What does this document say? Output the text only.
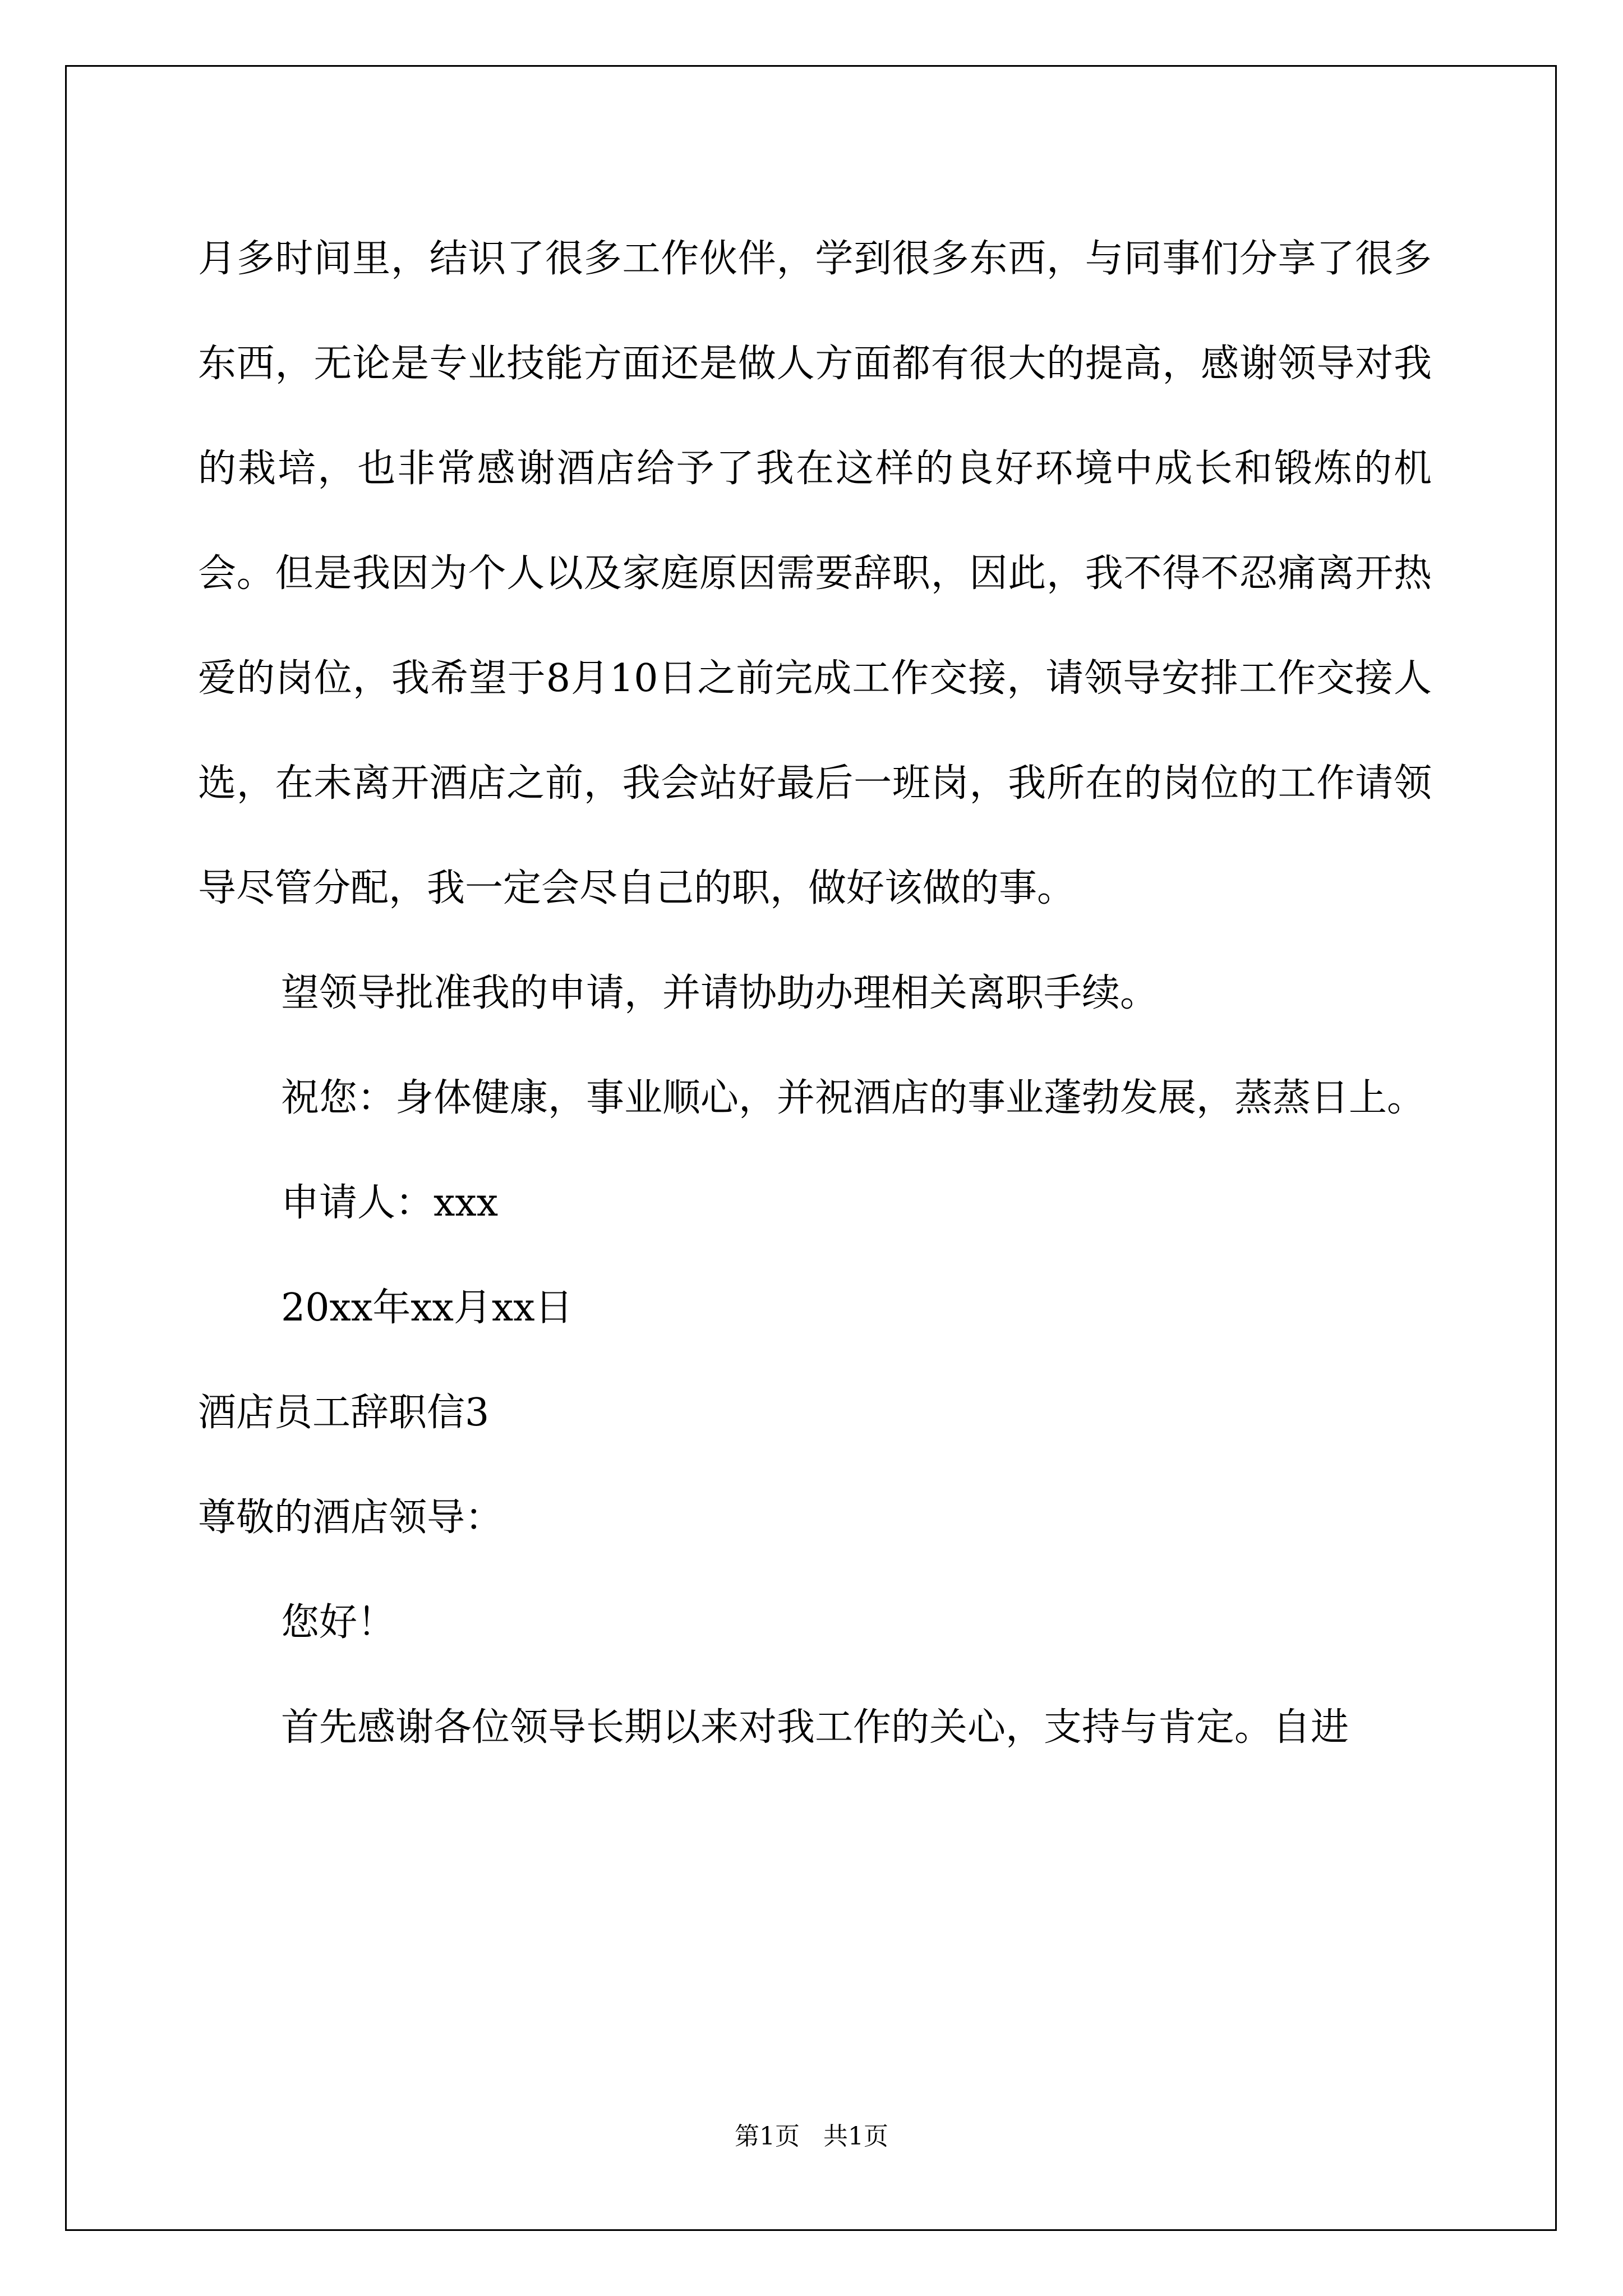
月多时间里，结识了很多工作伙伴，学到很多东西，与同事们分享了很多东西，无论是专业技能方面还是做人方面都有很大的提高，感谢领导对我的栽培，也非常感谢酒店给予了我在这样的良好环境中成长和锻炼的机会。但是我因为个人以及家庭原因需要辞职，因此，我不得不忍痛离开热爱的岗位，我希望于8月10日之前完成工作交接，请领导安排工作交接人选，在未离开酒店之前，我会站好最后一班岗，我所在的岗位的工作请领导尽管分配，我一定会尽自己的职，做好该做的事。

望领导批准我的申请，并请协助办理相关离职手续。

祝您：身体健康，事业顺心，并祝酒店的事业蓬勃发展，蒸蒸日上。

申请人：xxx

20xx年xx月xx日

酒店员工辞职信3

尊敬的酒店领导：

您好！

首先感谢各位领导长期以来对我工作的关心，支持与肯定。自进

第1页   共1页
